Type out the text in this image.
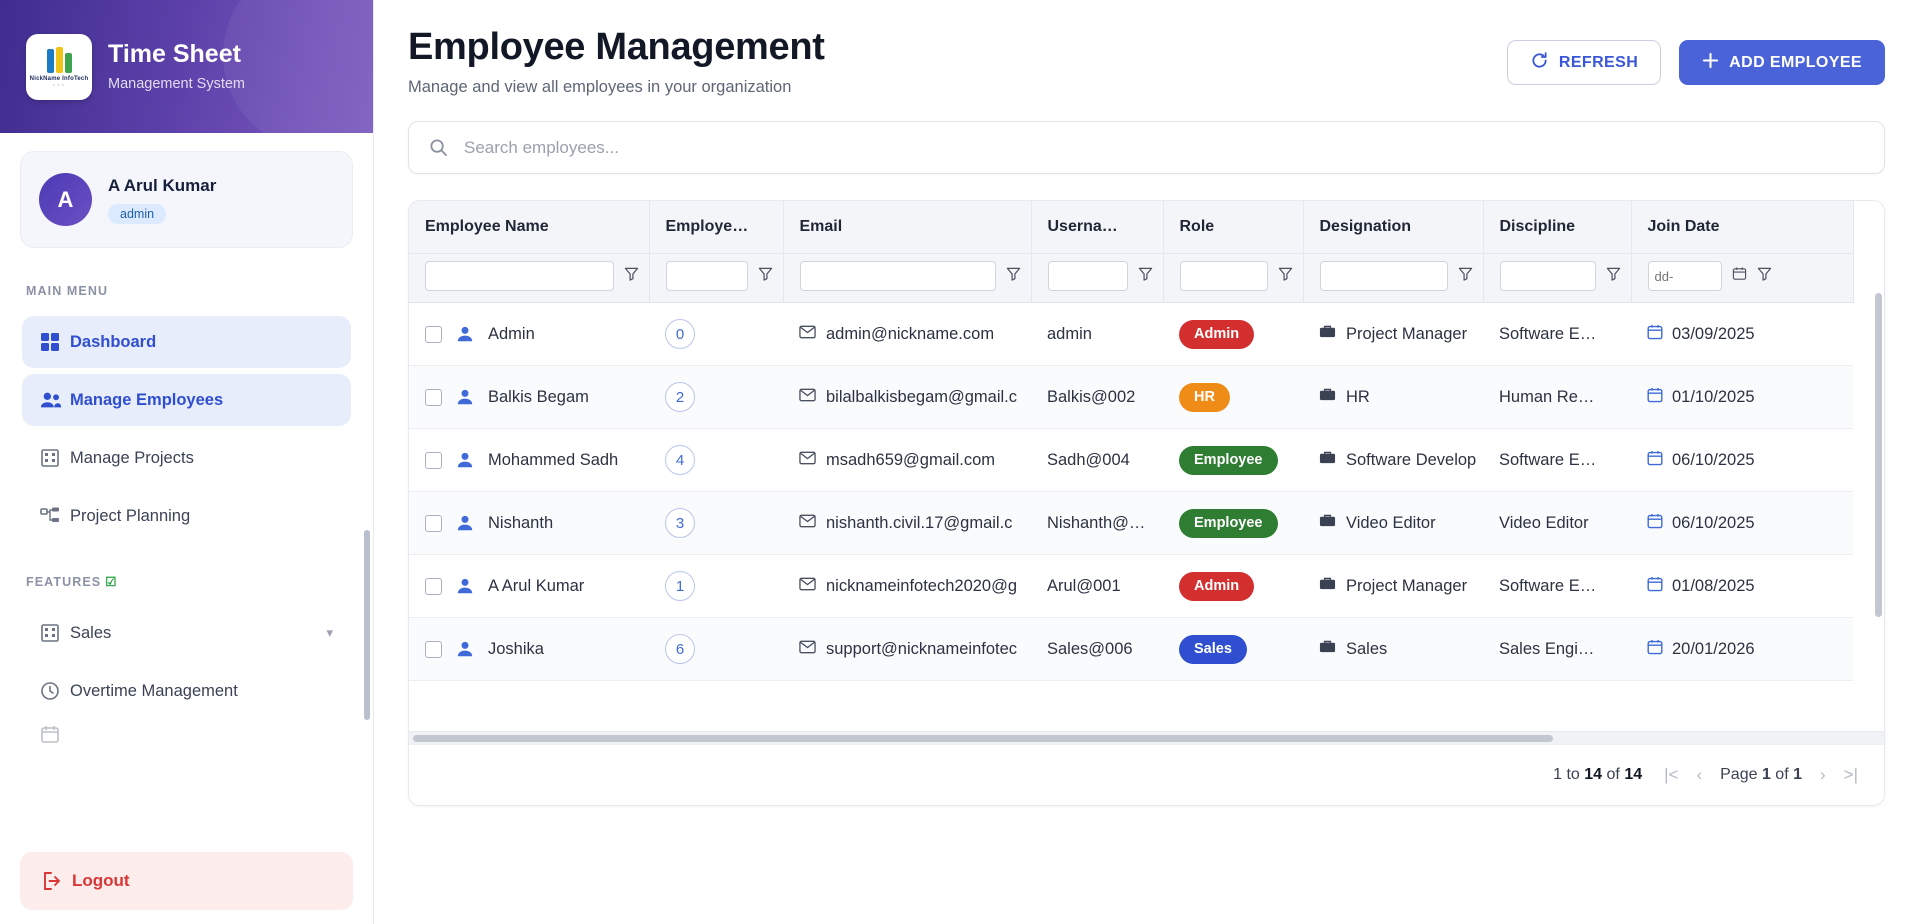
NickName InfoTech
• • •
Time Sheet
Management System
A
A Arul Kumar
admin
MAIN MENU
Dashboard
Manage Employees
Manage Projects
Project Planning
FEATURES ☑
Sales	▾
Overtime Management
Logout
Employee Management
Manage and view all employees in your organization
REFRESH	ADD EMPLOYEE
Search employees...
Employee Name	Employe…	Email	Userna…	Role	Designation	Discipline	Join Date

dd-

Admin	0	admin@nickname.com	admin	Admin	Project Manager	Software E…	03/09/2025

Balkis Begam	2	bilalbalkisbegam@gmail.c	Balkis@002	HR	HR	Human Re…	01/10/2025

Mohammed Sadh	4	msadh659@gmail.com	Sadh@004	Employee	Software Develop	Software E…	06/10/2025

Nishanth	3	nishanth.civil.17@gmail.c	Nishanth@…	Employee	Video Editor	Video Editor	06/10/2025

A Arul Kumar	1	nicknameinfotech2020@g	Arul@001	Admin	Project Manager	Software E…	01/08/2025

Joshika	6	support@nicknameinfotec	Sales@006	Sales	Sales	Sales Engi…	20/01/2026
1 to 14 of 14 |< ‹ Page 1 of 1 › >|
